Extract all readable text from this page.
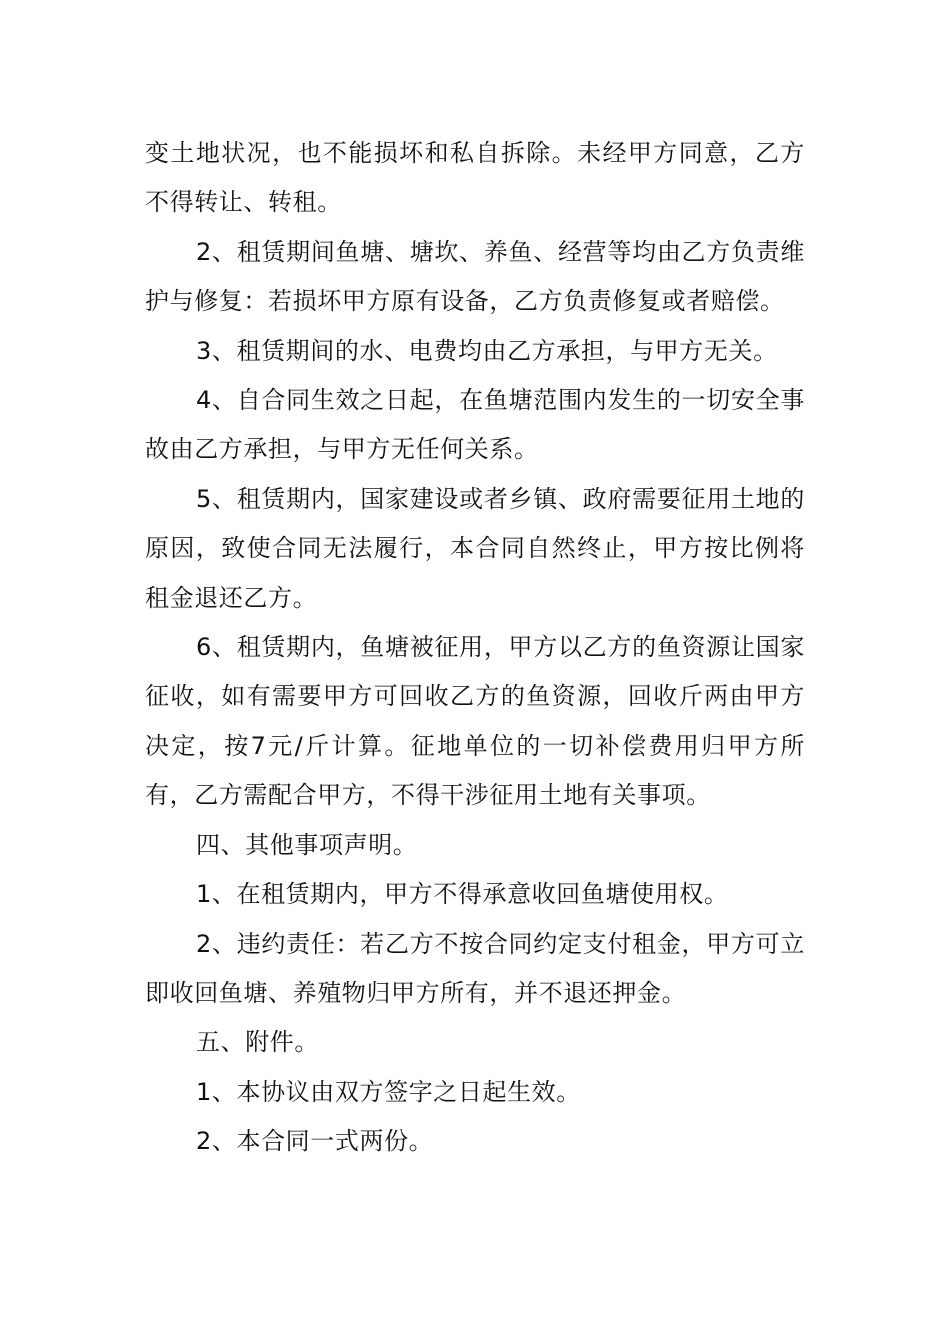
变土地状况，也不能损坏和私自拆除。未经甲方同意，乙方不得转让、转租。

2、租赁期间鱼塘、塘坎、养鱼、经营等均由乙方负责维护与修复：若损坏甲方原有设备，乙方负责修复或者赔偿。

3、租赁期间的水、电费均由乙方承担，与甲方无关。

4、自合同生效之日起，在鱼塘范围内发生的一切安全事故由乙方承担，与甲方无任何关系。

5、租赁期内，国家建设或者乡镇、政府需要征用土地的原因，致使合同无法履行，本合同自然终止，甲方按比例将租金退还乙方。

6、租赁期内，鱼塘被征用，甲方以乙方的鱼资源让国家征收，如有需要甲方可回收乙方的鱼资源，回收斤两由甲方决定，按7元/斤计算。征地单位的一切补偿费用归甲方所有，乙方需配合甲方，不得干涉征用土地有关事项。

四、其他事项声明。

1、在租赁期内，甲方不得承意收回鱼塘使用权。

2、违约责任：若乙方不按合同约定支付租金，甲方可立即收回鱼塘、养殖物归甲方所有，并不退还押金。

五、附件。

1、本协议由双方签字之日起生效。

2、本合同一式两份。
